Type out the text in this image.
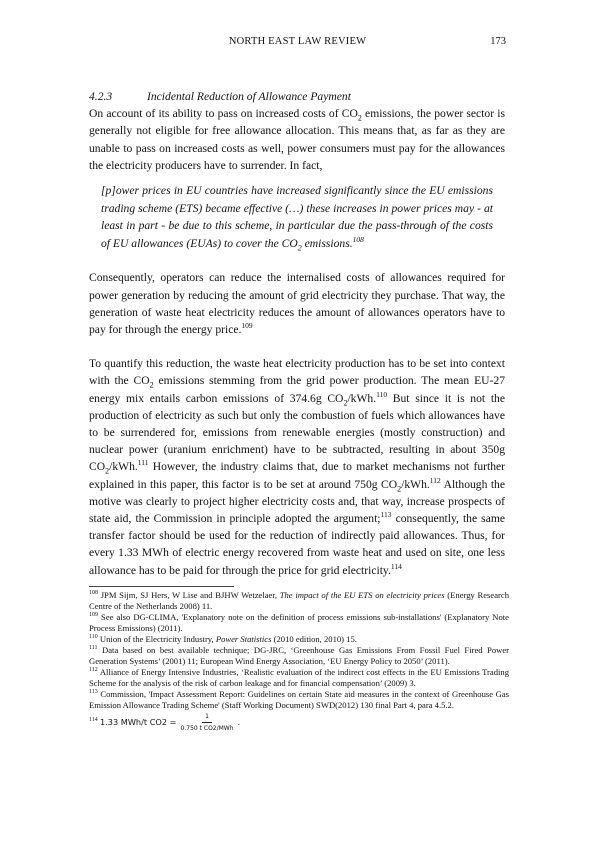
NORTH EAST LAW REVIEW	173

4.2.3	Incidental Reduction of Allowance Payment

On account of its ability to pass on increased costs of $CO_2$ emissions, the power sector is generally not eligible for free allowance allocation. This means that, as far as they are unable to pass on increased costs as well, power consumers must pay for the allowances the electricity producers have to surrender. In fact,

[p]ower prices in EU countries have increased significantly since the EU emissions trading scheme (ETS) became effective (…) these increases in power prices may - at least in part - be due to this scheme, in particular due the pass-through of the costs of EU allowances (EUAs) to cover the $CO_2$ emissions.$^{108}$

Consequently, operators can reduce the internalised costs of allowances required for power generation by reducing the amount of grid electricity they purchase. That way, the generation of waste heat electricity reduces the amount of allowances operators have to pay for through the energy price.$^{109}$

To quantify this reduction, the waste heat electricity production has to be set into context with the $CO_2$ emissions stemming from the grid power production. The mean EU-27 energy mix entails carbon emissions of 374.6g $CO_2/kWh.^{110}$ But since it is not the production of electricity as such but only the combustion of fuels which allowances have to be surrendered for, emissions from renewable energies (mostly construction) and nuclear power (uranium enrichment) have to be subtracted, resulting in about 350g $CO_2/kWh.^{111}$ However, the industry claims that, due to market mechanisms not further explained in this paper, this factor is to be set at around 750g $CO_2/kWh.^{112}$ Although the motive was clearly to project higher electricity costs and, that way, increase prospects of state aid, the Commission in principle adopted the argument;$^{113}$ consequently, the same transfer factor should be used for the reduction of indirectly paid allowances. Thus, for every 1.33 MWh of electric energy recovered from waste heat and used on site, one less allowance has to be paid for through the price for grid electricity.$^{114}$

$^{108}$ JPM Sijm, SJ Hers, W Lise and BJHW Wetzelaer, The impact of the EU ETS on electricity prices (Energy Research Centre of the Netherlands 2008) 11.

$^{109}$ See also DG-CLIMA, 'Explanatory note on the definition of process emissions sub-installations' (Explanatory Note Process Emissions) (2011).

$^{110}$ Union of the Electricity Industry, Power Statistics (2010 edition, 2010) 15.

$^{111}$ Data based on best available technique; DG-JRC, ‘Greenhouse Gas Emissions From Fossil Fuel Fired Power Generation Systems’ (2001) 11; European Wind Energy Association, ‘EU Energy Policy to 2050’ (2011).

$^{112}$ Alliance of Energy Intensive Industries, ‘Realistic evaluation of the indirect cost effects in the EU Emissions Trading Scheme for the analysis of the risk of carbon leakage and for financial compensation’ (2009) 3.

$^{113}$ Commission, 'Impact Assessment Report: Guidelines on certain State aid measures in the context of Greenhouse Gas Emission Allowance Trading Scheme' (Staff Working Document) SWD(2012) 130 final Part 4, para 4.5.2.

$^{114}$ 1.33 MWh/t $CO2 = \frac{1}{\text{0.750 t CO2/MWh}}$ .
